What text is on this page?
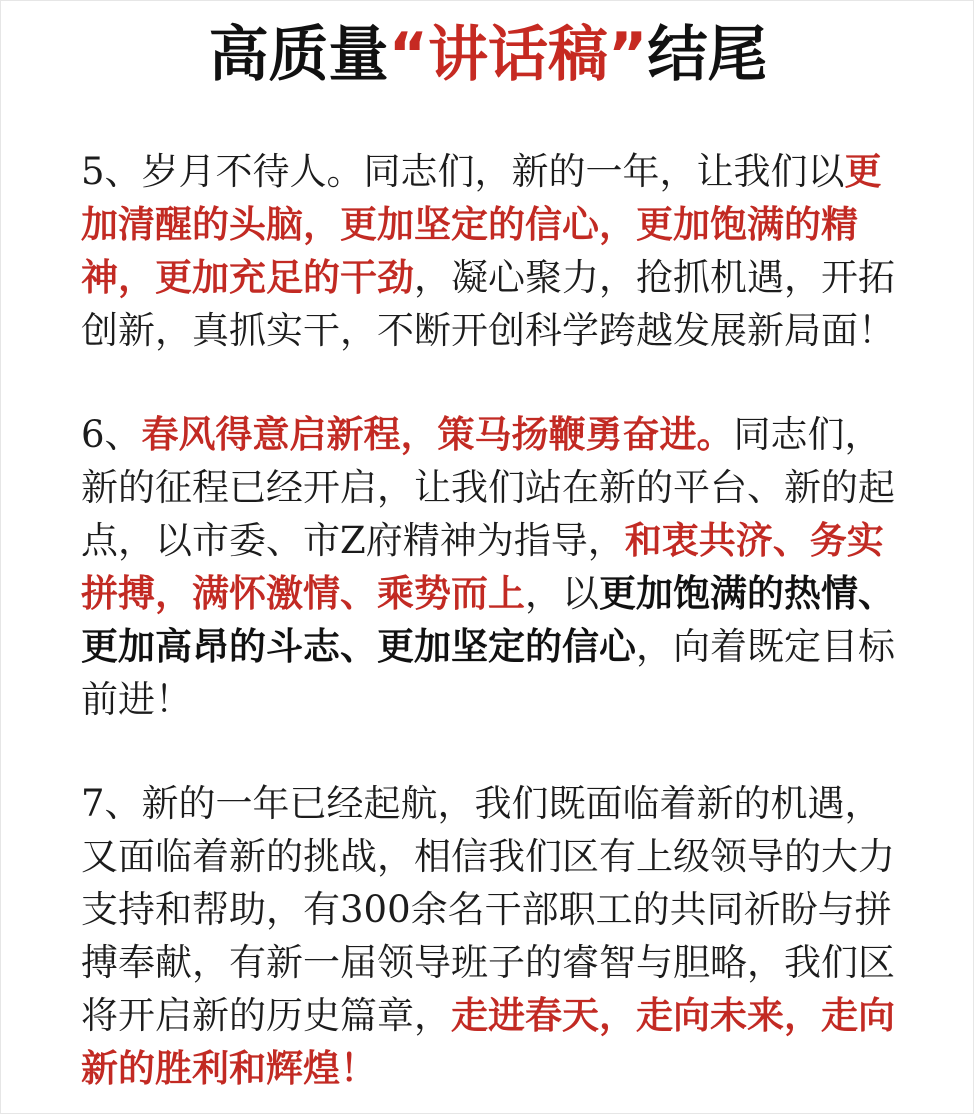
高质量“讲话稿”结尾

5、岁月不待人。同志们，新的一年，让我们以更加清醒的头脑，更加坚定的信心，更加饱满的精神，更加充足的干劲，凝心聚力，抢抓机遇，开拓创新，真抓实干，不断开创科学跨越发展新局面！

6、春风得意启新程，策马扬鞭勇奋进。同志们，新的征程已经开启，让我们站在新的平台、新的起点，以市委、市Z府精神为指导，和衷共济、务实拼搏，满怀激情、乘势而上，以更加饱满的热情、更加高昂的斗志、更加坚定的信心，向着既定目标前进！

7、新的一年已经起航，我们既面临着新的机遇，又面临着新的挑战，相信我们区有上级领导的大力支持和帮助，有300余名干部职工的共同祈盼与拼搏奉献，有新一届领导班子的睿智与胆略，我们区将开启新的历史篇章，走进春天，走向未来，走向新的胜利和辉煌！
